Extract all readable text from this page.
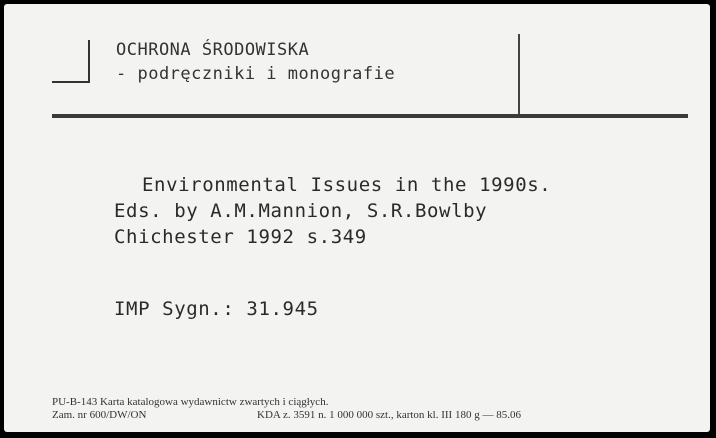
OCHRONA ŚRODOWISKA
- podręczniki i monografie
Environmental Issues in the 1990s.
Eds. by A.M.Mannion, S.R.Bowlby
Chichester 1992 s.349
IMP Sygn.: 31.945
PU-B-143 Karta katalogowa wydawnictw zwartych i ciągłych.
Zam. nr 600/DW/ON	KDA z. 3591 n. 1 000 000 szt., karton kl. III 180 g — 85.06
